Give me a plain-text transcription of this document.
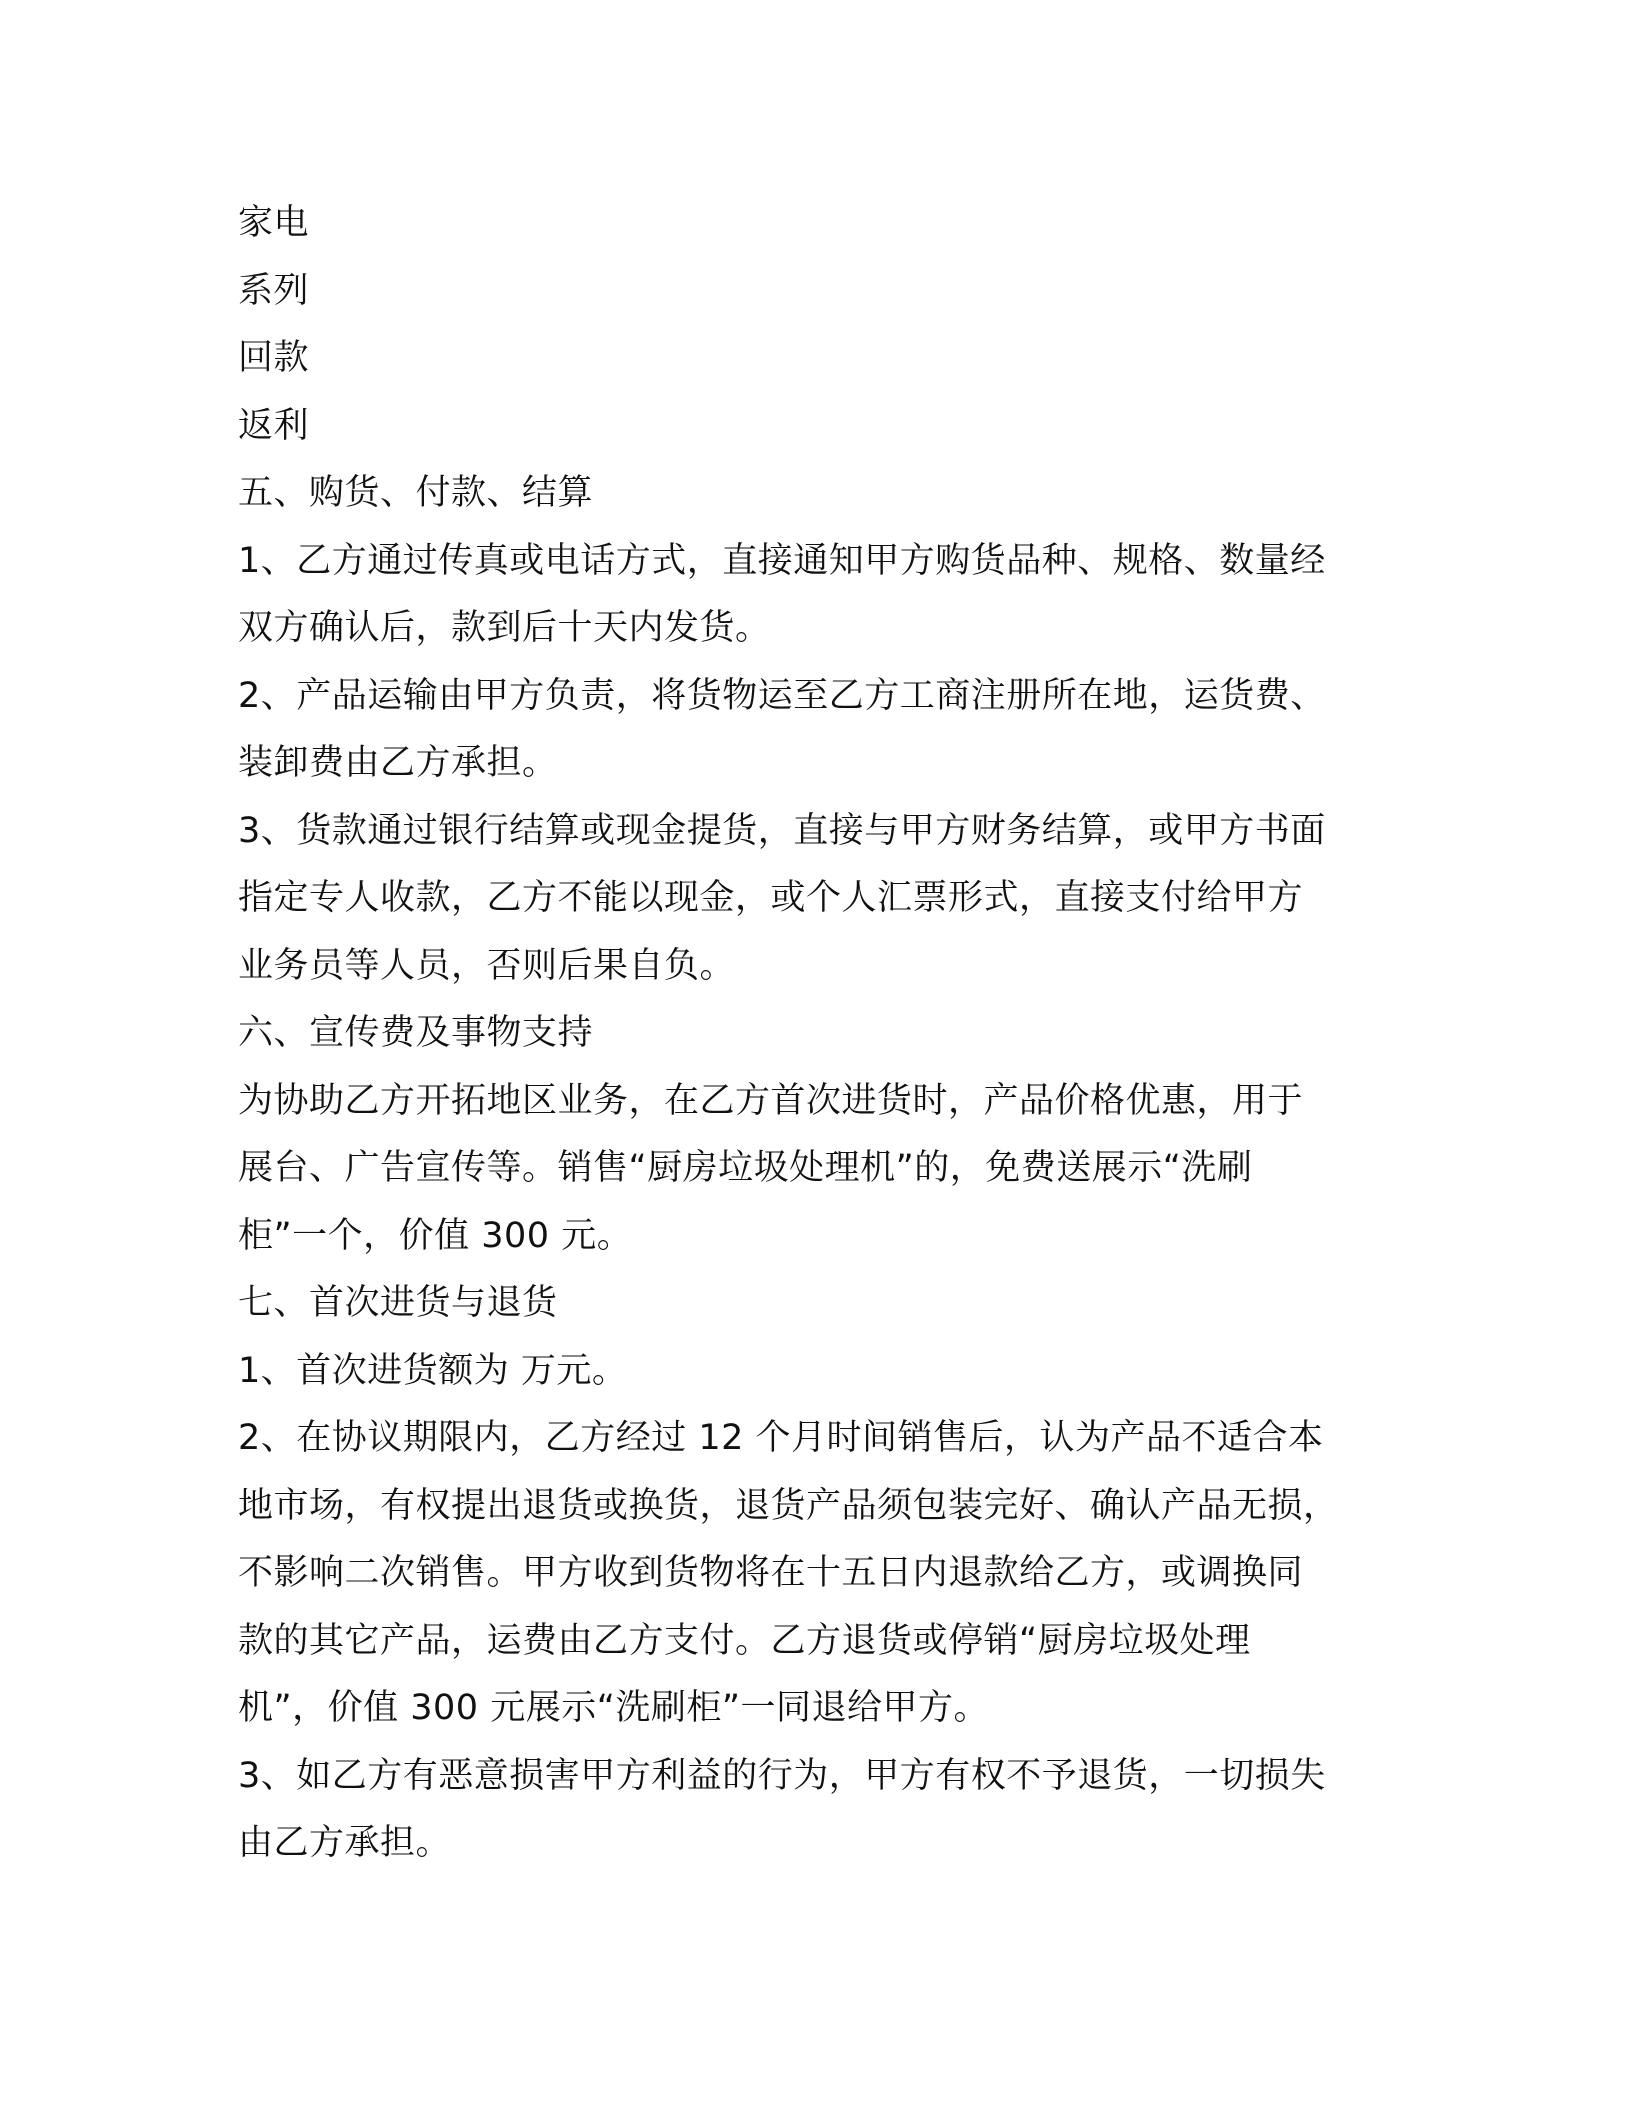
家电
系列
回款
返利
五、购货、付款、结算
1、乙方通过传真或电话方式，直接通知甲方购货品种、规格、数量经
双方确认后，款到后十天内发货。
2、产品运输由甲方负责，将货物运至乙方工商注册所在地，运货费、
装卸费由乙方承担。
3、货款通过银行结算或现金提货，直接与甲方财务结算，或甲方书面
指定专人收款，乙方不能以现金，或个人汇票形式，直接支付给甲方
业务员等人员，否则后果自负。
六、宣传费及事物支持
为协助乙方开拓地区业务，在乙方首次进货时，产品价格优惠，用于
展台、广告宣传等。销售“厨房垃圾处理机”的，免费送展示“洗刷
柜”一个，价值 300 元。
七、首次进货与退货
1、首次进货额为 万元。
2、在协议期限内，乙方经过 12 个月时间销售后，认为产品不适合本
地市场，有权提出退货或换货，退货产品须包装完好、确认产品无损，
不影响二次销售。甲方收到货物将在十五日内退款给乙方，或调换同
款的其它产品，运费由乙方支付。乙方退货或停销“厨房垃圾处理
机”，价值 300 元展示“洗刷柜”一同退给甲方。
3、如乙方有恶意损害甲方利益的行为，甲方有权不予退货，一切损失
由乙方承担。
